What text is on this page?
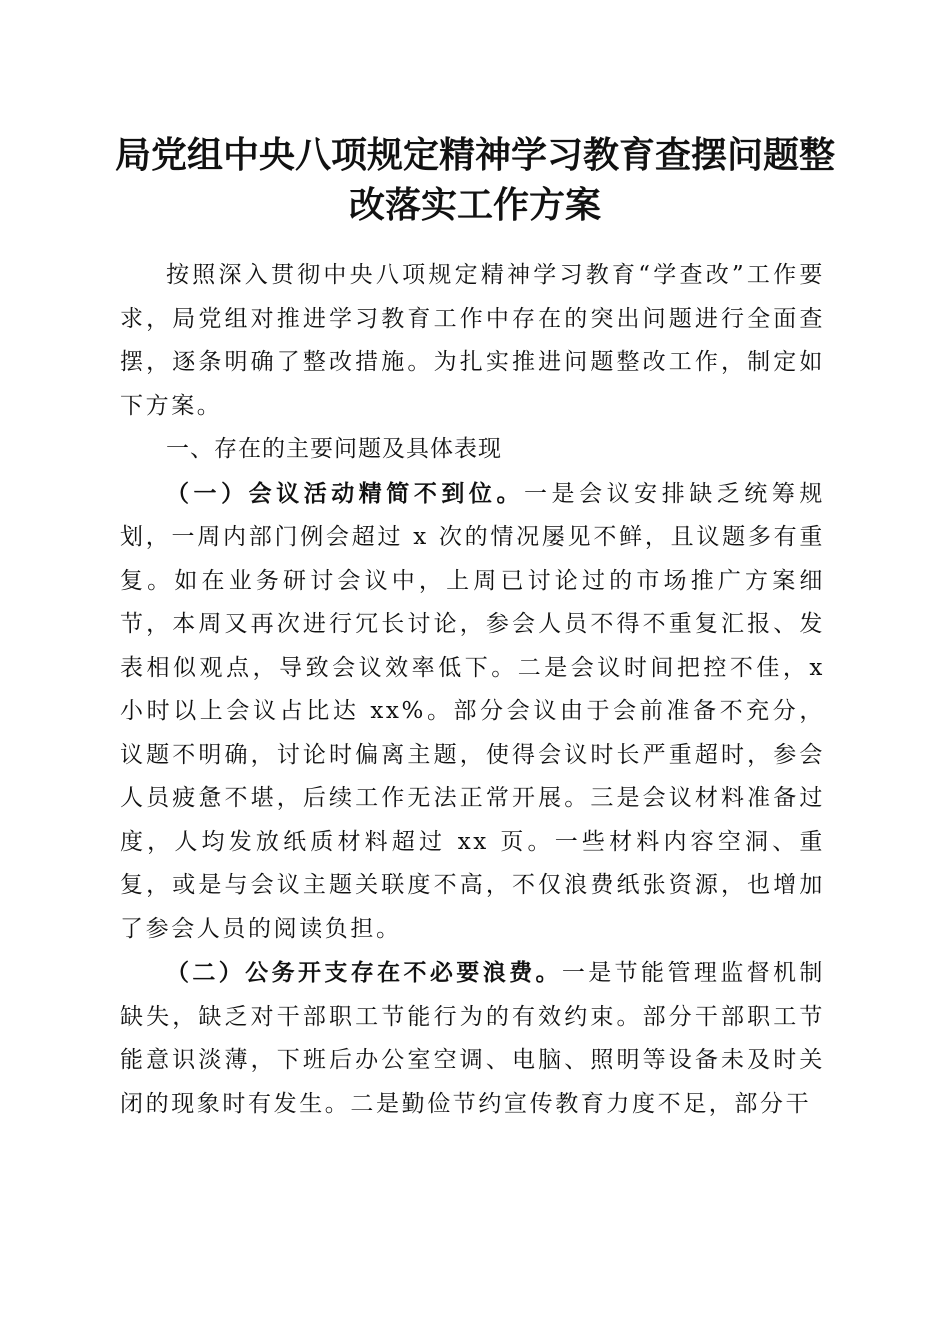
局党组中央八项规定精神学习教育查摆问题整
改落实工作方案

按照深入贯彻中央八项规定精神学习教育“学查改”工作要求，局党组对推进学习教育工作中存在的突出问题进行全面查摆，逐条明确了整改措施。为扎实推进问题整改工作，制定如下方案。

一、存在的主要问题及具体表现

（一）会议活动精简不到位。一是会议安排缺乏统筹规划，一周内部门例会超过 x 次的情况屡见不鲜，且议题多有重复。如在业务研讨会议中，上周已讨论过的市场推广方案细节，本周又再次进行冗长讨论，参会人员不得不重复汇报、发表相似观点，导致会议效率低下。二是会议时间把控不佳，x 小时以上会议占比达 xx%。部分会议由于会前准备不充分，议题不明确，讨论时偏离主题，使得会议时长严重超时，参会人员疲惫不堪，后续工作无法正常开展。三是会议材料准备过度，人均发放纸质材料超过 xx 页。一些材料内容空洞、重复，或是与会议主题关联度不高，不仅浪费纸张资源，也增加了参会人员的阅读负担。

（二）公务开支存在不必要浪费。一是节能管理监督机制缺失，缺乏对干部职工节能行为的有效约束。部分干部职工节能意识淡薄，下班后办公室空调、电脑、照明等设备未及时关闭的现象时有发生。二是勤俭节约宣传教育力度不足，部分干
